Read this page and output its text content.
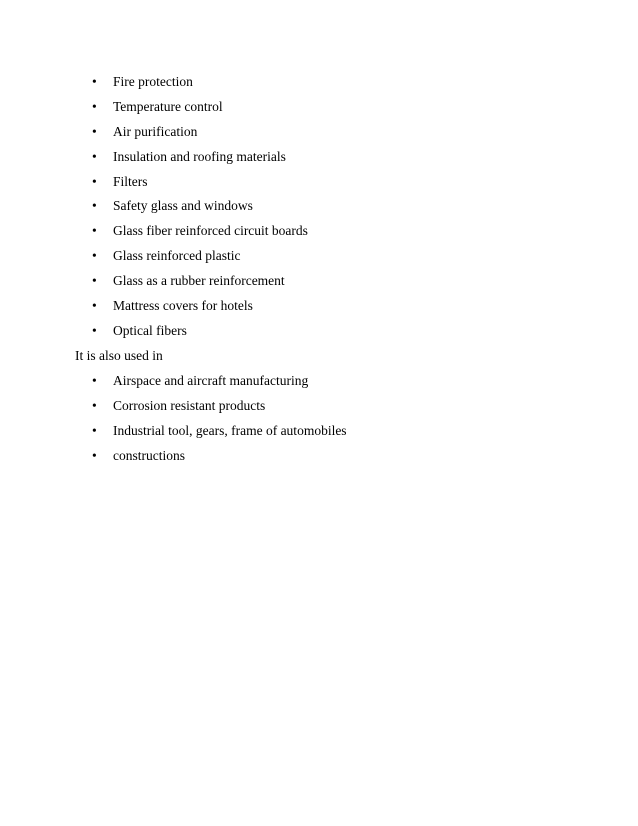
•	Fire protection
•	Temperature control
•	Air purification
•	Insulation and roofing materials
•	Filters
•	Safety glass and windows
•	Glass fiber reinforced circuit boards
•	Glass reinforced plastic
•	Glass as a rubber reinforcement
•	Mattress covers for hotels
•	Optical fibers

It is also used in

•	Airspace and aircraft manufacturing
•	Corrosion resistant products
•	Industrial tool, gears, frame of automobiles
•	constructions
